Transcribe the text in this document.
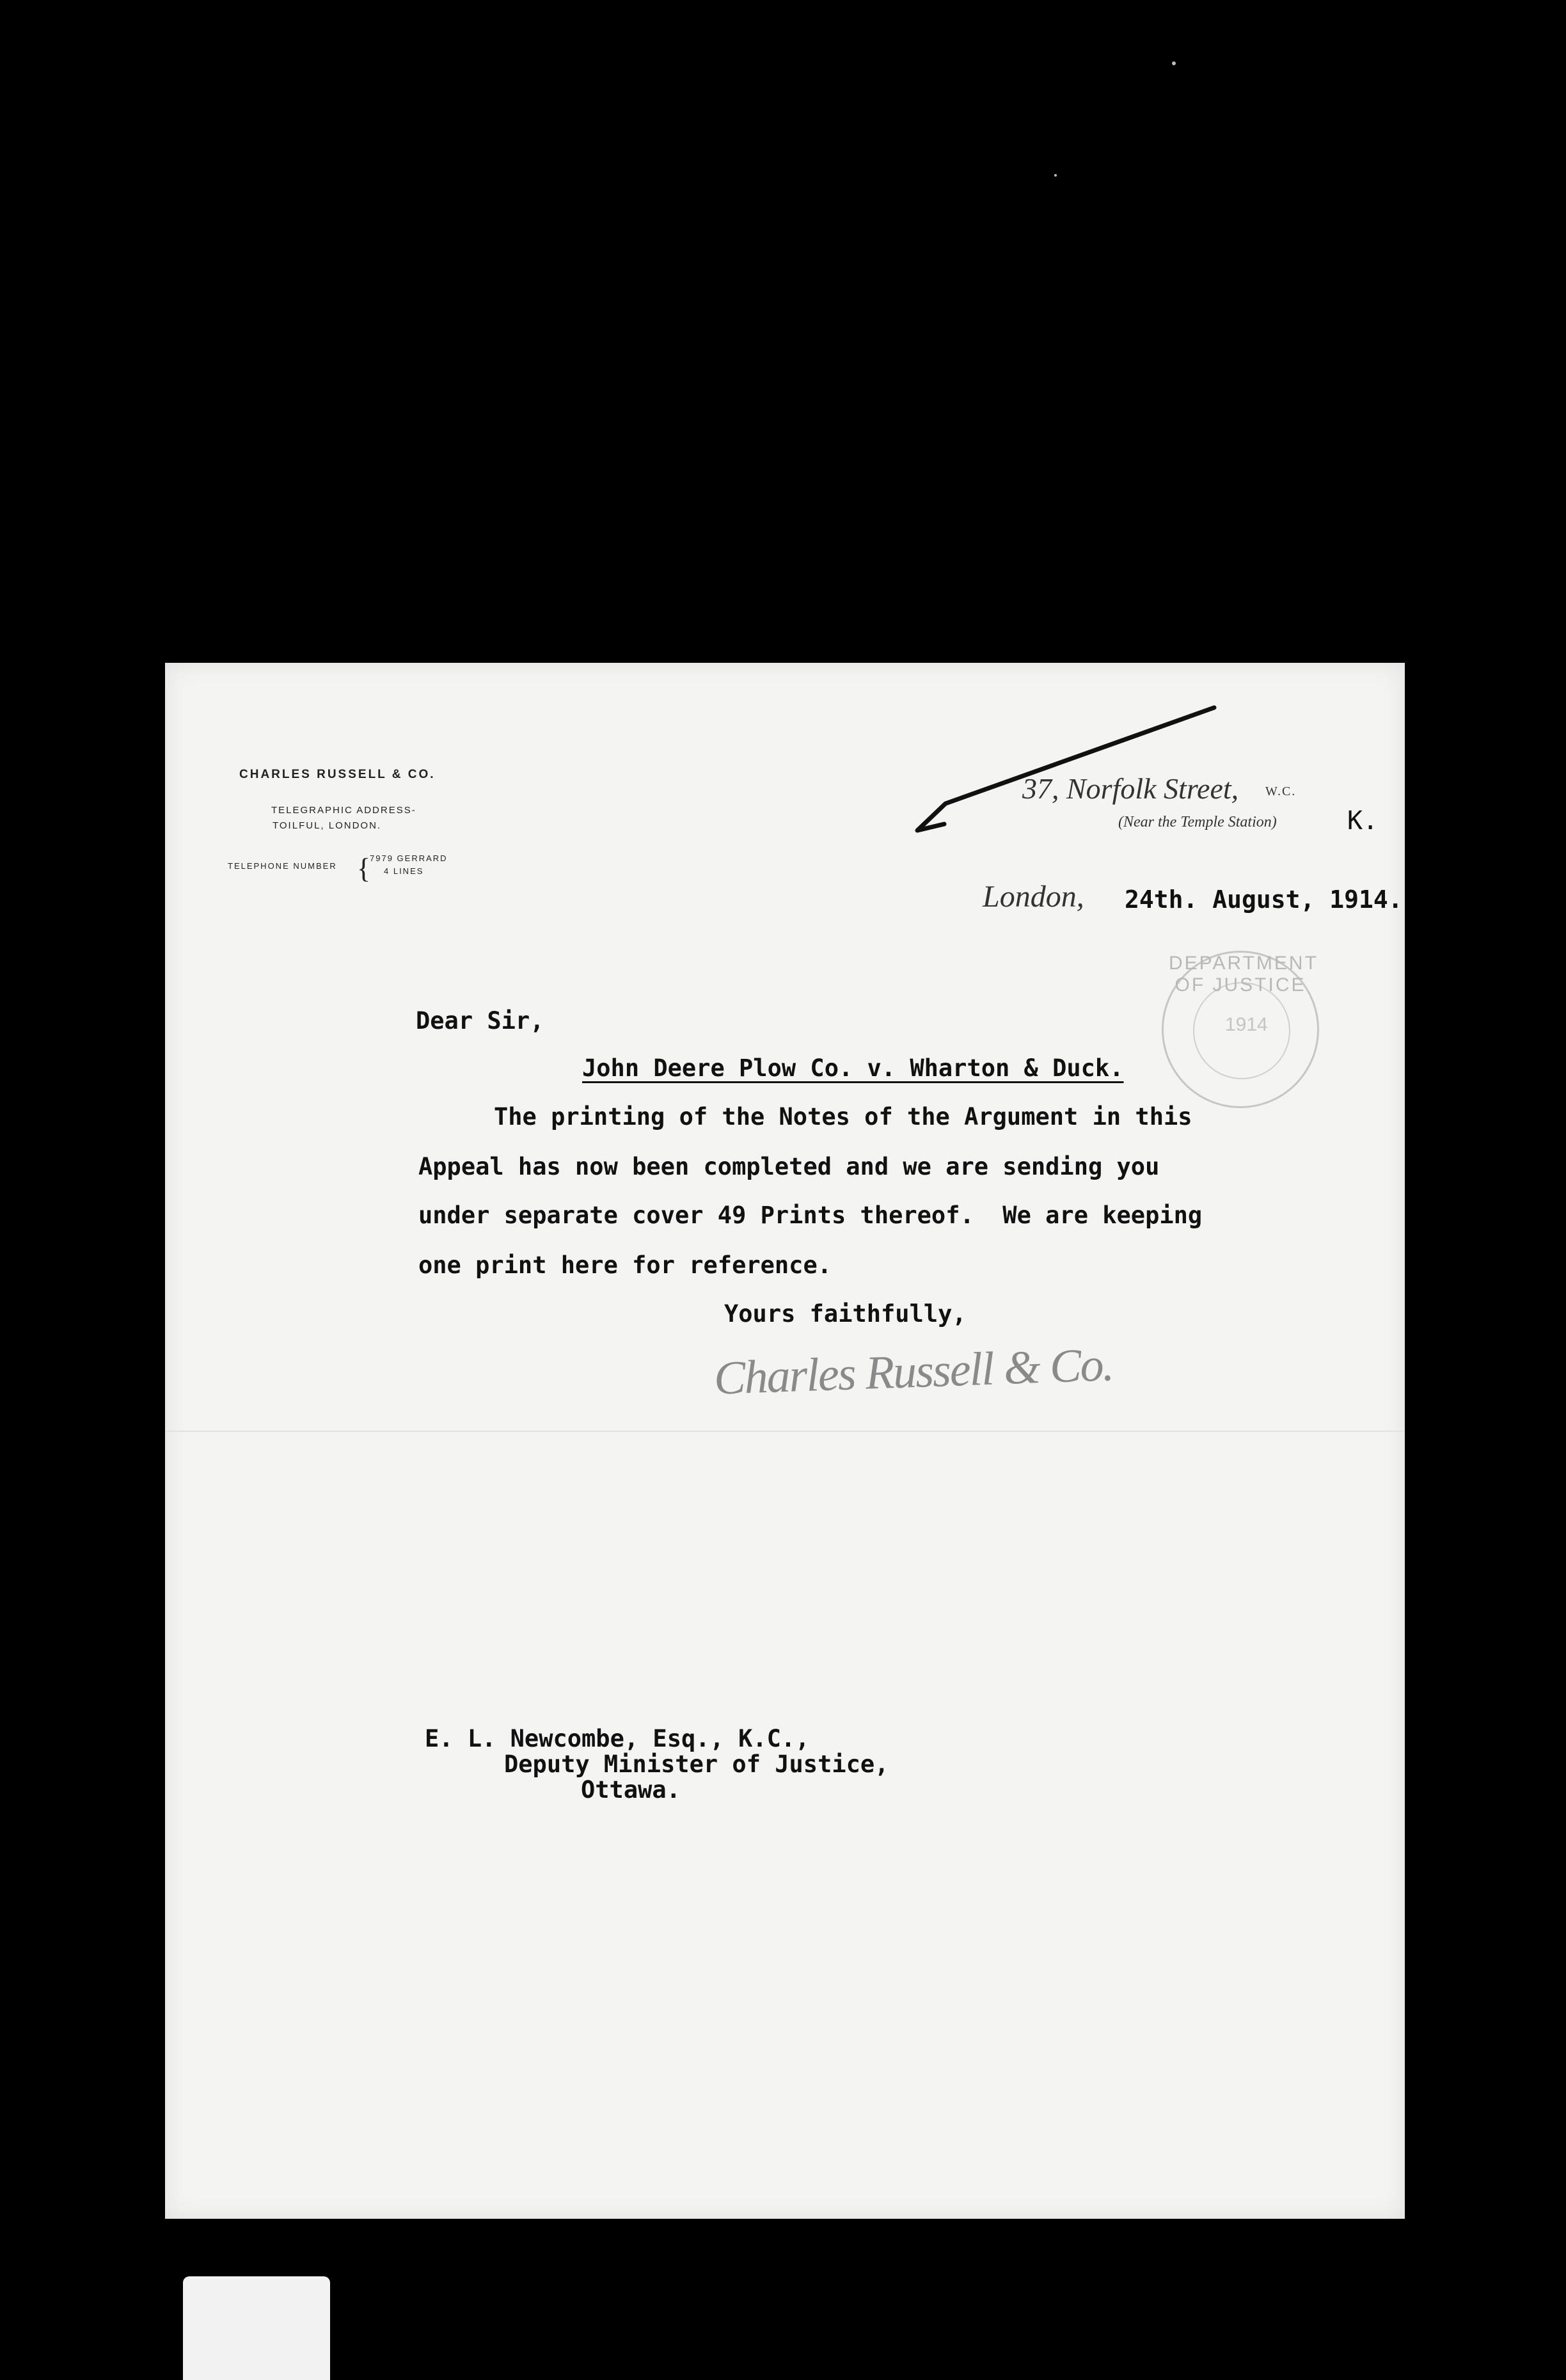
CHARLES RUSSELL & CO.
TELEGRAPHIC ADDRESS-
TOILFUL, LONDON.
TELEPHONE NUMBER {
7979 GERRARD
4 LINES
37, Norfolk Street, W.C.
(Near the Temple Station)	K.
London, 24th. August, 1914.
DEPARTMENT OF JUSTICE
1914
Dear Sir,
John Deere Plow Co. v. Wharton & Duck.
The printing of the Notes of the Argument in this
Appeal has now been completed and we are sending you
under separate cover 49 Prints thereof.  We are keeping
one print here for reference.
Yours faithfully,
Charles Russell & Co.
E. L. Newcombe, Esq., K.C.,
Deputy Minister of Justice,
Ottawa.
